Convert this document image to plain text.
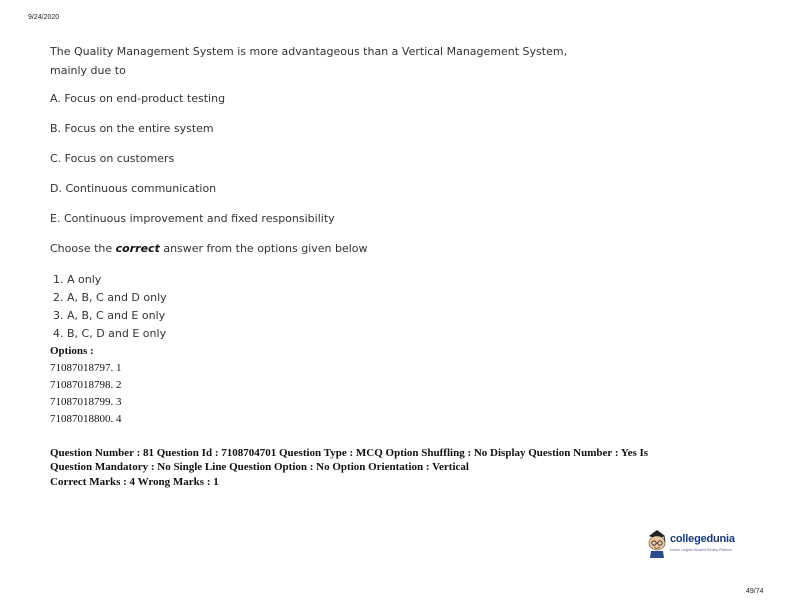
9/24/2020
The Quality Management System is more advantageous than a Vertical Management System,
mainly due to
A. Focus on end-product testing
B. Focus on the entire system
C. Focus on customers
D. Continuous communication
E. Continuous improvement and fixed responsibility
Choose the correct answer from the options given below
1. A only
2. A, B, C and D only
3. A, B, C and E only
4. B, C, D and E only
Options :
71087018797. 1
71087018798. 2
71087018799. 3
71087018800. 4
Question Number : 81 Question Id : 7108704701 Question Type : MCQ Option Shuffling : No Display Question Number : Yes Is
Question Mandatory : No Single Line Question Option : No Option Orientation : Vertical
Correct Marks : 4 Wrong Marks : 1
collegedunia
India's Largest Student Review Platform
49/74
